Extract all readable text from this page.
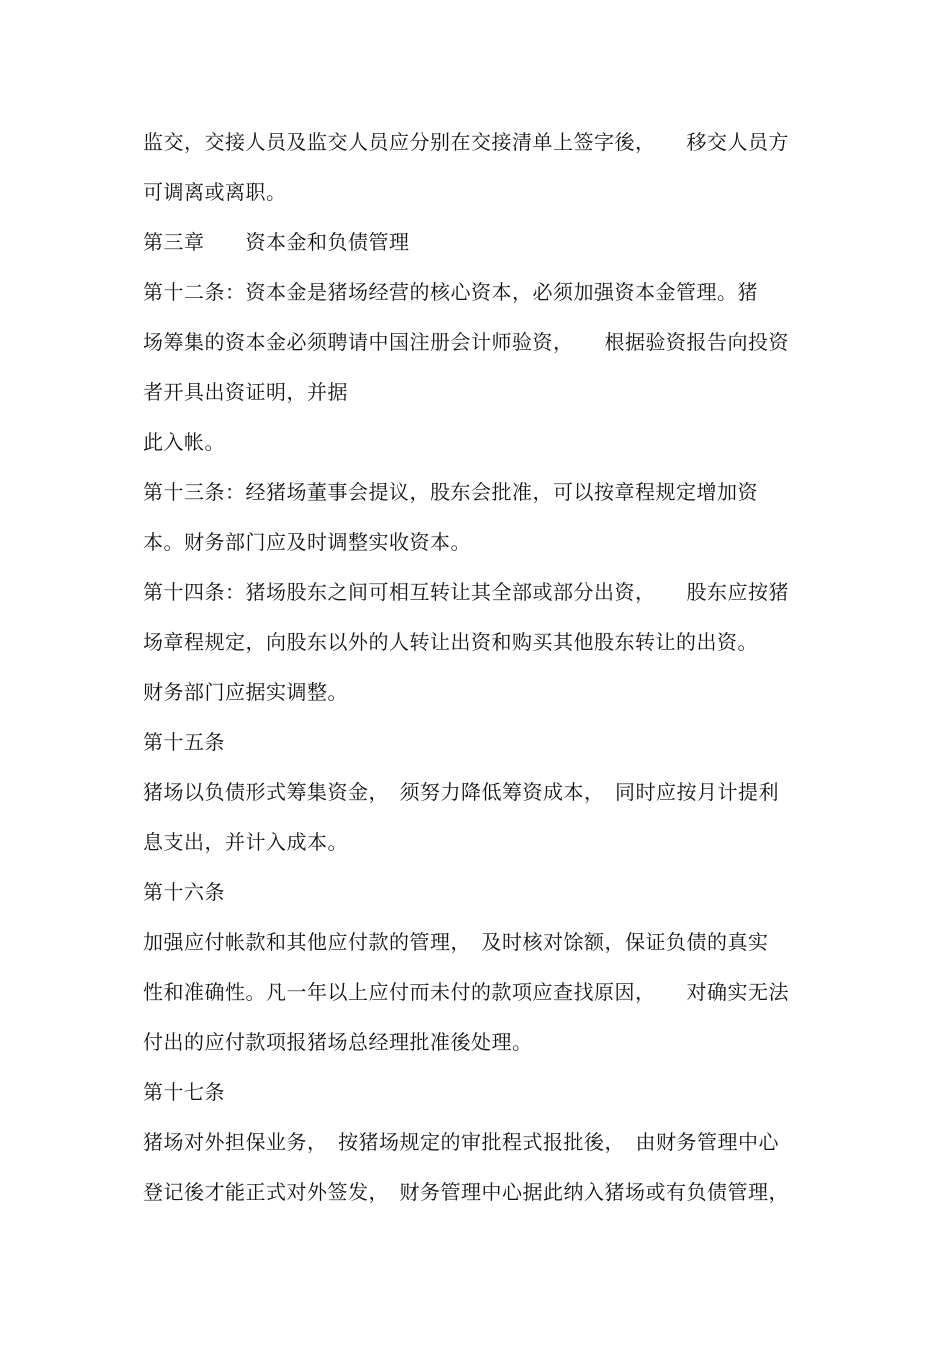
监交，交接人员及监交人员应分别在交接清单上签字後，　　移交人员方

可调离或离职。

第三章　　资本金和负债管理

第十二条：资本金是猪场经营的核心资本，必须加强资本金管理。猪

场筹集的资本金必须聘请中国注册会计师验资，　　根据验资报告向投资

者开具出资证明，并据

此入帐。

第十三条：经猪场董事会提议，股东会批准，可以按章程规定增加资

本。财务部门应及时调整实收资本。

第十四条：猪场股东之间可相互转让其全部或部分出资，　　股东应按猪

场章程规定，向股东以外的人转让出资和购买其他股东转让的出资。

财务部门应据实调整。

第十五条

猪场以负债形式筹集资金，　须努力降低筹资成本，　同时应按月计提利

息支出，并计入成本。

第十六条

加强应付帐款和其他应付款的管理，　及时核对馀额，保证负债的真实

性和准确性。凡一年以上应付而未付的款项应查找原因，　　对确实无法

付出的应付款项报猪场总经理批准後处理。

第十七条

猪场对外担保业务，　按猪场规定的审批程式报批後，　由财务管理中心

登记後才能正式对外签发，　财务管理中心据此纳入猪场或有负债管理，
